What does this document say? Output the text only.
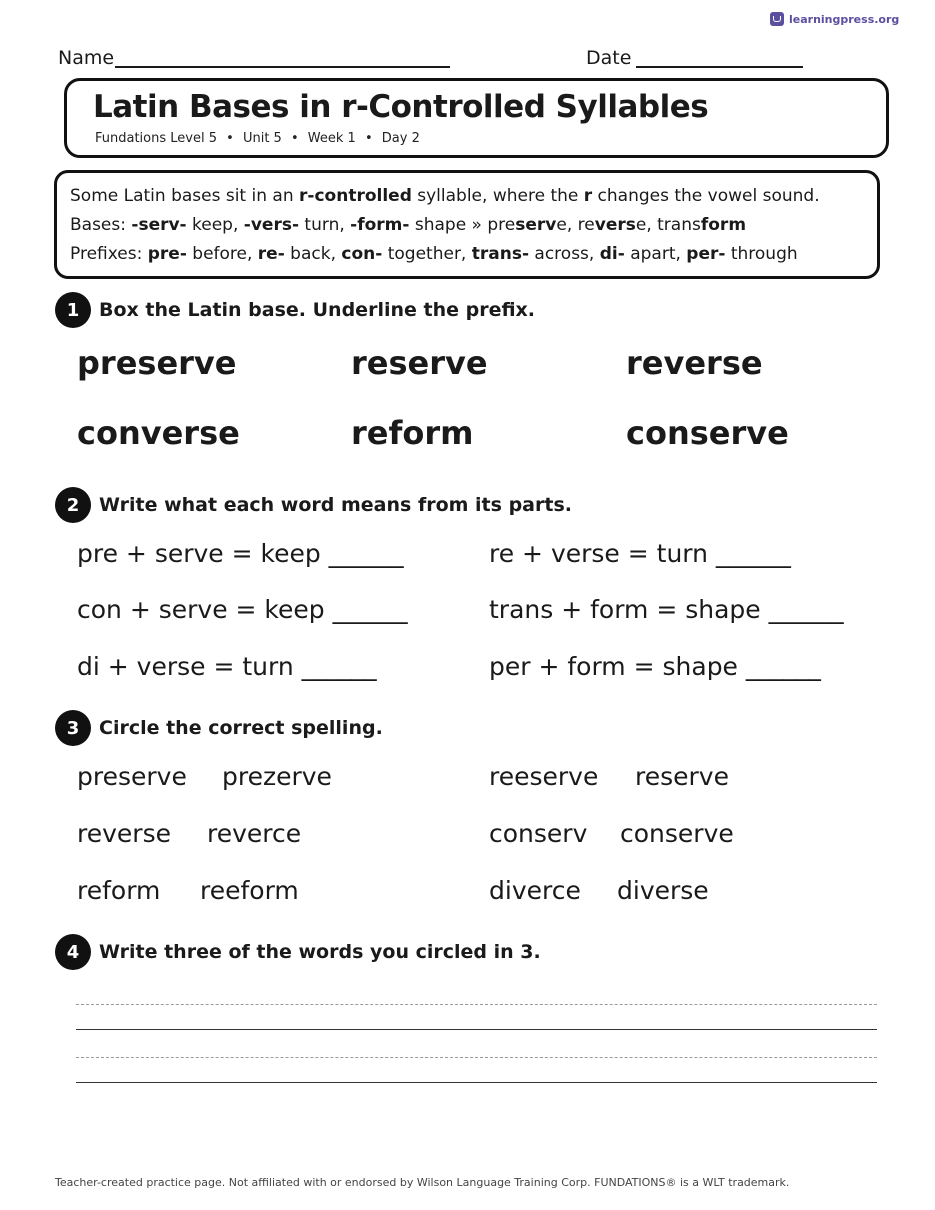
learningpress.org
Name	Date
Latin Bases in r-Controlled Syllables
Fundations Level 5 • Unit 5 • Week 1 • Day 2
Some Latin bases sit in an r-controlled syllable, where the r changes the vowel sound.
Bases: -serv- keep, -vers- turn, -form- shape » preserve, reverse, transform
Prefixes: pre- before, re- back, con- together, trans- across, di- apart, per- through
1	Box the Latin base. Underline the prefix.
preserve	reserve	reverse
converse	reform	conserve
2	Write what each word means from its parts.
pre + serve = keep ______	re + verse = turn ______
con + serve = keep ______	trans + form = shape ______
di + verse = turn ______	per + form = shape ______
3	Circle the correct spelling.
preserve prezerve	reeserve reserve
reverse reverce	conserv conserve
reform reeform	diverce diverse
4	Write three of the words you circled in 3.
Teacher-created practice page. Not affiliated with or endorsed by Wilson Language Training Corp. FUNDATIONS® is a WLT trademark.
